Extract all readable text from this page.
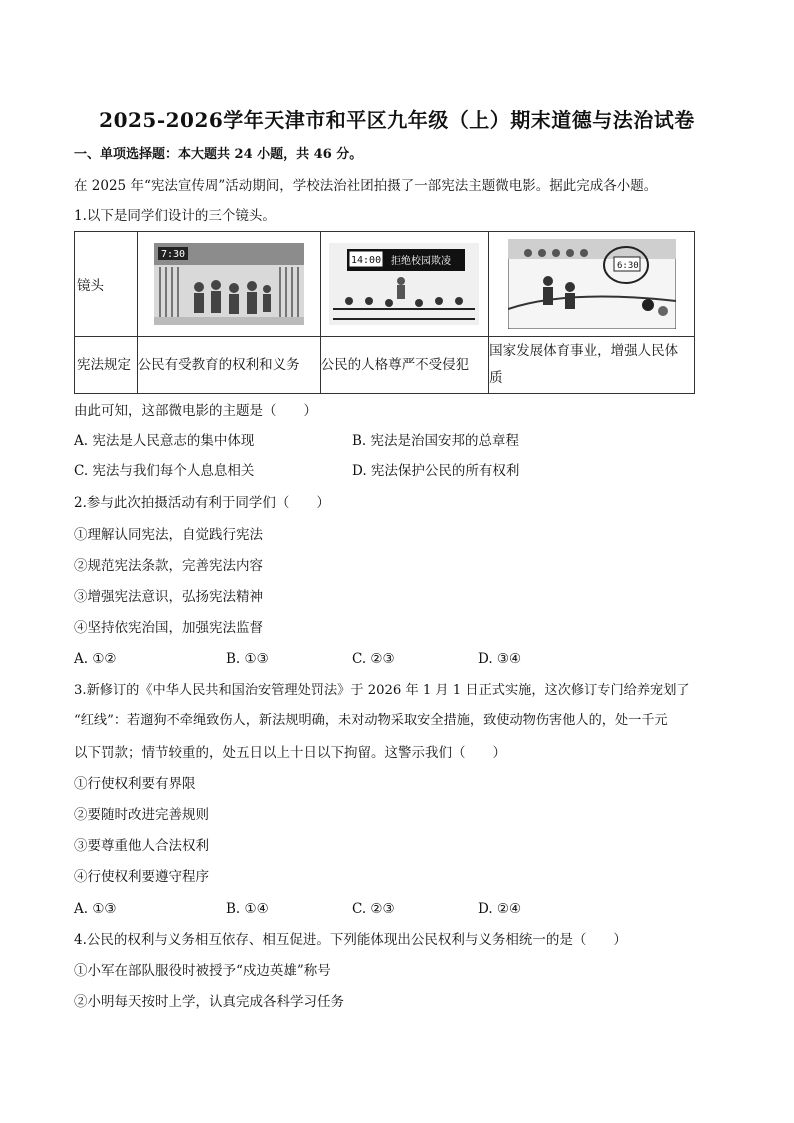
2025-2026学年天津市和平区九年级（上）期末道德与法治试卷
一、单项选择题：本大题共 24 小题，共 46 分。
在 2025 年“宪法宣传周”活动期间，学校法治社团拍摄了一部宪法主题微电影。据此完成各小题。
1.以下是同学们设计的三个镜头。
镜头	7:30	14:00 拒绝校园欺凌	6:30

宪法规定	公民有受教育的权利和义务	公民的人格尊严不受侵犯	国家发展体育事业，增强人民体
质
由此可知，这部微电影的主题是（　　）
A. 宪法是人民意志的集中体现	B. 宪法是治国安邦的总章程
C. 宪法与我们每个人息息相关	D. 宪法保护公民的所有权利
2.参与此次拍摄活动有利于同学们（　　）
①理解认同宪法，自觉践行宪法
②规范宪法条款，完善宪法内容
③增强宪法意识，弘扬宪法精神
④坚持依宪治国，加强宪法监督
A. ①②	B. ①③	C. ②③	D. ③④
3.新修订的《中华人民共和国治安管理处罚法》于 2026 年 1 月 1 日正式实施，这次修订专门给养宠划了
“红线”：若遛狗不牵绳致伤人，新法规明确，未对动物采取安全措施，致使动物伤害他人的，处一千元
以下罚款；情节较重的，处五日以上十日以下拘留。这警示我们（　　）
①行使权利要有界限
②要随时改进完善规则
③要尊重他人合法权利
④行使权利要遵守程序
A. ①③	B. ①④	C. ②③	D. ②④
4.公民的权利与义务相互依存、相互促进。下列能体现出公民权利与义务相统一的是（　　）
①小军在部队服役时被授予“戍边英雄”称号
②小明每天按时上学，认真完成各科学习任务
